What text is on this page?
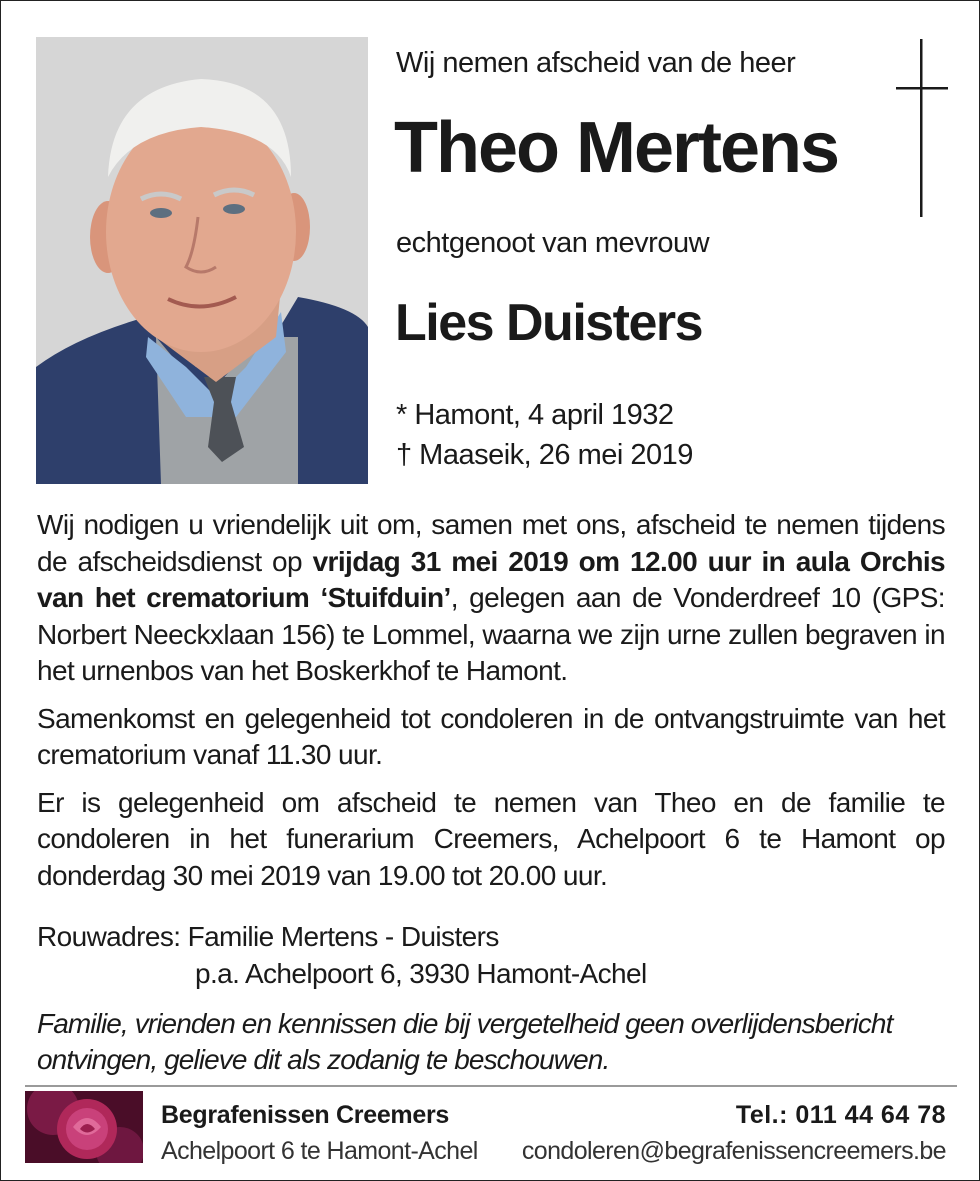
Wij nemen afscheid van de heer
Theo Mertens
echtgenoot van mevrouw
Lies Duisters
* Hamont, 4 april 1932
† Maaseik, 26 mei 2019

Wij nodigen u vriendelijk uit om, samen met ons, afscheid te nemen tijdens de afscheidsdienst op vrijdag 31 mei 2019 om 12.00 uur in aula Orchis van het crematorium ‘Stuifduin’, gelegen aan de Vonderdreef 10 (GPS: Norbert Neeckxlaan 156) te Lommel, waarna we zijn urne zullen begraven in het urnenbos van het Boskerkhof te Hamont.

Samenkomst en gelegenheid tot condoleren in de ontvangstruimte van het crematorium vanaf 11.30 uur.

Er is gelegenheid om afscheid te nemen van Theo en de familie te condoleren in het funerarium Creemers, Achelpoort 6 te Hamont op donderdag 30 mei 2019 van 19.00 tot 20.00 uur.

Rouwadres: Familie Mertens - Duisters
p.a. Achelpoort 6, 3930 Hamont-Achel
Familie, vrienden en kennissen die bij vergetelheid geen overlijdensbericht ontvingen, gelieve dit als zodanig te beschouwen.
Begrafenissen Creemers
Achelpoort 6 te Hamont-Achel
Tel.: 011 44 64 78
condoleren@begrafenissencreemers.be
